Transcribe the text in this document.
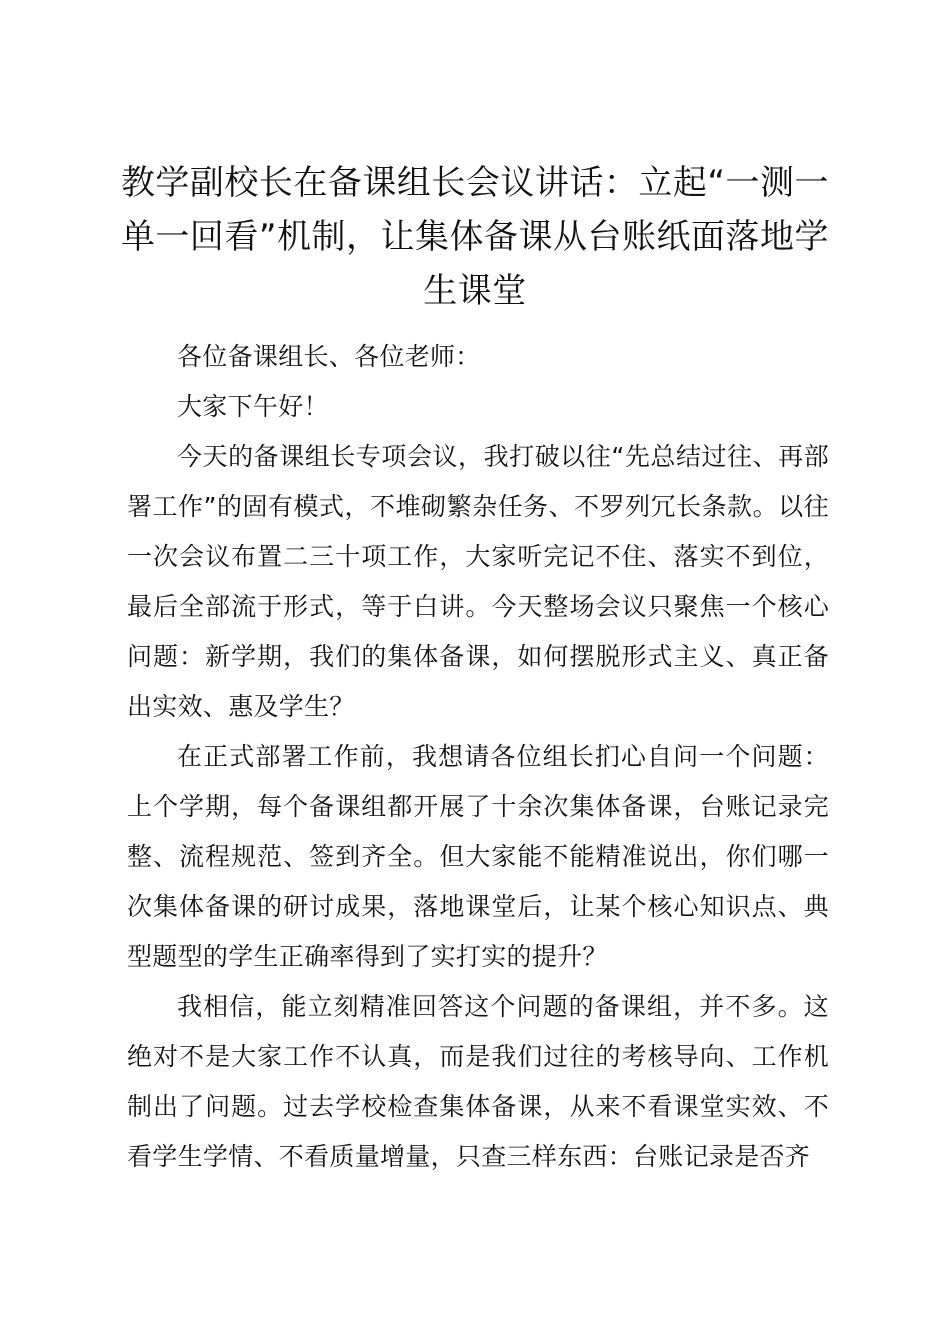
教学副校长在备课组长会议讲话：立起“一测一单一回看”机制，让集体备课从台账纸面落地学生课堂

各位备课组长、各位老师：

大家下午好！

今天的备课组长专项会议，我打破以往“先总结过往、再部署工作”的固有模式，不堆砌繁杂任务、不罗列冗长条款。以往一次会议布置二三十项工作，大家听完记不住、落实不到位，最后全部流于形式，等于白讲。今天整场会议只聚焦一个核心问题：新学期，我们的集体备课，如何摆脱形式主义、真正备出实效、惠及学生？

在正式部署工作前，我想请各位组长扪心自问一个问题：上个学期，每个备课组都开展了十余次集体备课，台账记录完整、流程规范、签到齐全。但大家能不能精准说出，你们哪一次集体备课的研讨成果，落地课堂后，让某个核心知识点、典型题型的学生正确率得到了实打实的提升？

我相信，能立刻精准回答这个问题的备课组，并不多。这绝对不是大家工作不认真，而是我们过往的考核导向、工作机制出了问题。过去学校检查集体备课，从来不看课堂实效、不看学生学情、不看质量增量，只查三样东西：台账记录是否齐
